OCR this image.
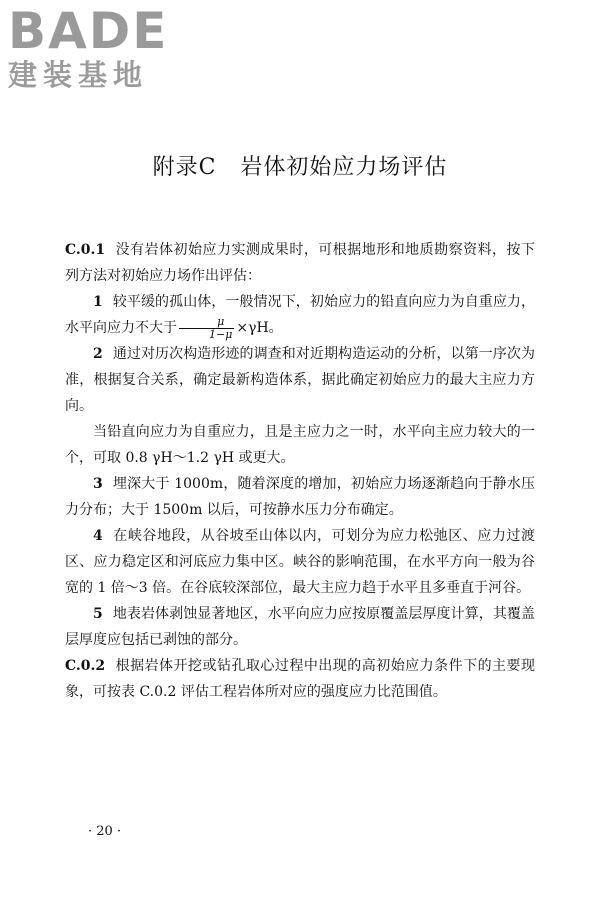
BADE
建装基地
附录C 岩体初始应力场评估

C.0.1 没有岩体初始应力实测成果时，可根据地形和地质勘察资料，按下列方法对初始应力场作出评估：

1 较平缓的孤山体，一般情况下，初始应力的铅直向应力为自重应力，水平向应力不大于 $\frac{\mu}{1-\mu} \times\gamma H$。

2 通过对历次构造形迹的调查和对近期构造运动的分析，以第一序次为准，根据复合关系，确定最新构造体系，据此确定初始应力的最大主应力方向。

当铅直向应力为自重应力，且是主应力之一时，水平向主应力较大的一个，可取 0.8 γH～1.2 γH 或更大。

3 埋深大于 1000m，随着深度的增加，初始应力场逐渐趋向于静水压力分布；大于 1500m 以后，可按静水压力分布确定。

4 在峡谷地段，从谷坡至山体以内，可划分为应力松弛区、应力过渡区、应力稳定区和河底应力集中区。峡谷的影响范围，在水平方向一般为谷宽的 1 倍～3 倍。在谷底较深部位，最大主应力趋于水平且多垂直于河谷。

5 地表岩体剥蚀显著地区，水平向应力应按原覆盖层厚度计算，其覆盖层厚度应包括已剥蚀的部分。

C.0.2 根据岩体开挖或钻孔取心过程中出现的高初始应力条件下的主要现象，可按表 C.0.2 评估工程岩体所对应的强度应力比范围值。

· 20 ·
